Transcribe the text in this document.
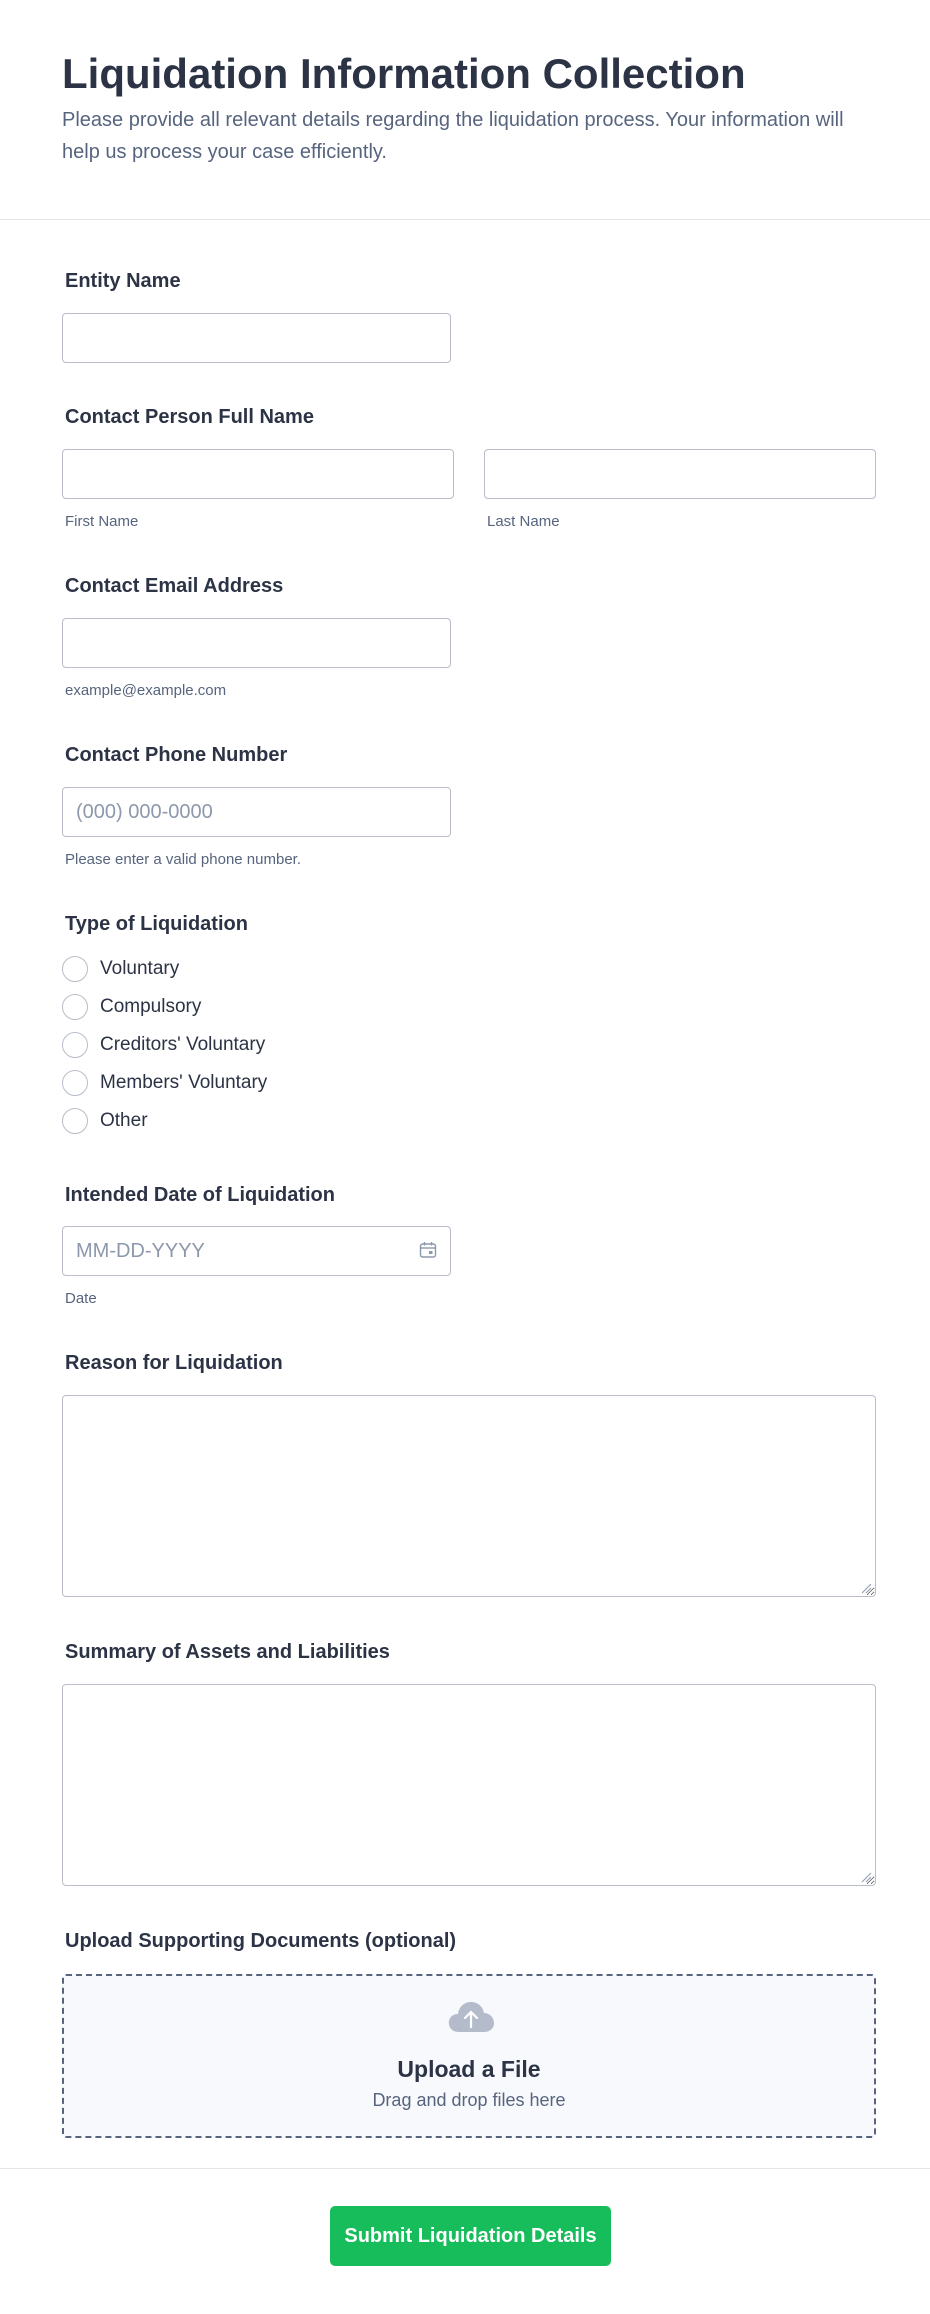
Liquidation Information Collection

Please provide all relevant details regarding the liquidation process. Your information will help us process your case efficiently.

Entity Name
Contact Person Full Name
First Name	Last Name
Contact Email Address
example@example.com
Contact Phone Number
(000) 000-0000
Please enter a valid phone number.
Type of Liquidation
Voluntary
Compulsory
Creditors' Voluntary
Members' Voluntary
Other
Intended Date of Liquidation
MM-DD-YYYY
Date
Reason for Liquidation
Summary of Assets and Liabilities
Upload Supporting Documents (optional)
Upload a File
Drag and drop files here
Submit Liquidation Details
